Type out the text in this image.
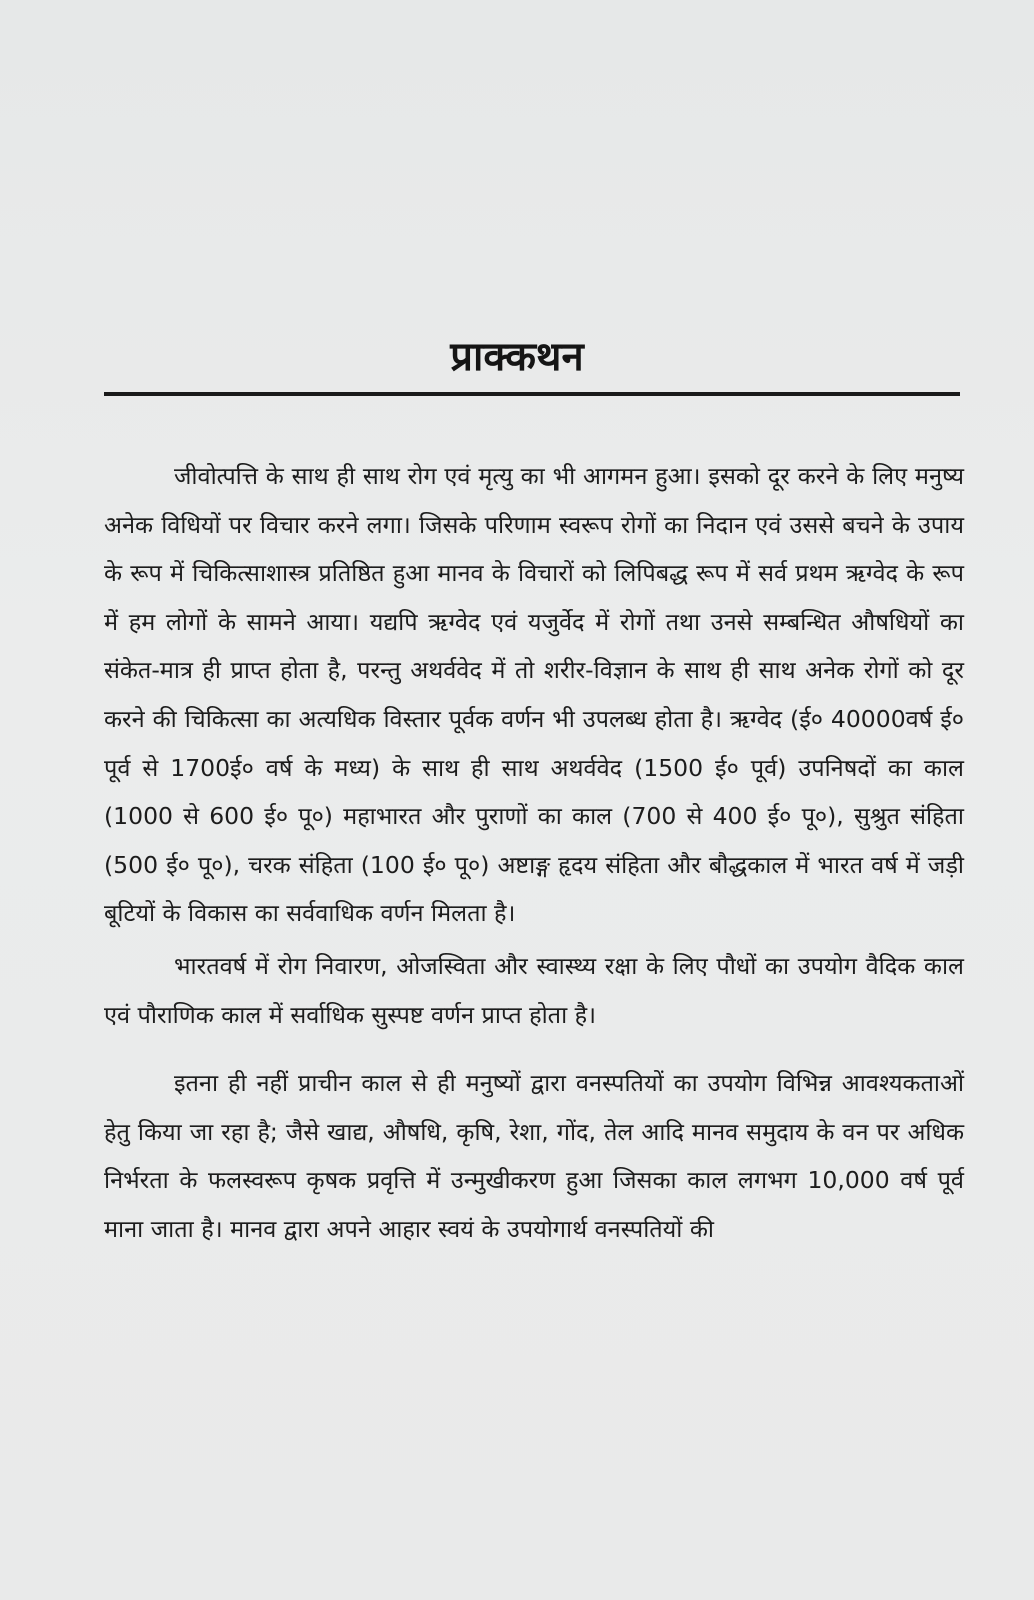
प्राक्कथन

जीवोत्पत्ति के साथ ही साथ रोग एवं मृत्यु का भी आगमन हुआ। इसको दूर करने के लिए मनुष्य अनेक विधियों पर विचार करने लगा। जिसके परिणाम स्वरूप रोगों का निदान एवं उससे बचने के उपाय के रूप में चिकित्साशास्त्र प्रतिष्ठित हुआ मानव के विचारों को लिपिबद्ध रूप में सर्व प्रथम ऋग्वेद के रूप में हम लोगों के सामने आया। यद्यपि ऋग्वेद एवं यजुर्वेद में रोगों तथा उनसे सम्बन्धित औषधियों का संकेत-मात्र ही प्राप्त होता है, परन्तु अथर्ववेद में तो शरीर-विज्ञान के साथ ही साथ अनेक रोगों को दूर करने की चिकित्सा का अत्यधिक विस्तार पूर्वक वर्णन भी उपलब्ध होता है। ऋग्वेद (ई० 40000वर्ष ई० पूर्व से 1700ई० वर्ष के मध्य) के साथ ही साथ अथर्ववेद (1500 ई० पूर्व) उपनिषदों का काल (1000 से 600 ई० पू०) महाभारत और पुराणों का काल (700 से 400 ई० पू०), सुश्रुत संहिता (500 ई० पू०), चरक संहिता (100 ई० पू०) अष्टाङ्ग हृदय संहिता और बौद्धकाल में भारत वर्ष में जड़ी बूटियों के विकास का सर्ववाधिक वर्णन मिलता है।

भारतवर्ष में रोग निवारण, ओजस्विता और स्वास्थ्य रक्षा के लिए पौधों का उपयोग वैदिक काल एवं पौराणिक काल में सर्वाधिक सुस्पष्ट वर्णन प्राप्त होता है।

इतना ही नहीं प्राचीन काल से ही मनुष्यों द्वारा वनस्पतियों का उपयोग विभिन्न आवश्यकताओं हेतु किया जा रहा है; जैसे खाद्य, औषधि, कृषि, रेशा, गोंद, तेल आदि मानव समुदाय के वन पर अधिक निर्भरता के फलस्वरूप कृषक प्रवृत्ति में उन्मुखीकरण हुआ जिसका काल लगभग 10,000 वर्ष पूर्व माना जाता है। मानव द्वारा अपने आहार स्वयं के उपयोगार्थ वनस्पतियों की
